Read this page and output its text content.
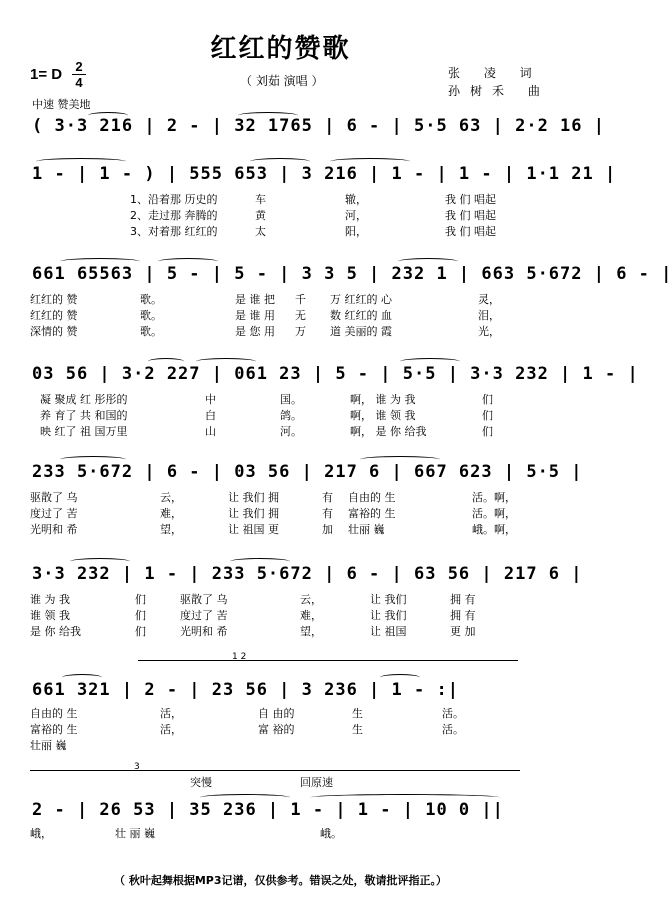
红红的赞歌
1= D 2
4	（ 刘茹 演唱 ）
张 凌 词
孙树禾 曲
中速 赞美地
( 3·3 216 | 2 - | 32 1765 | 6 - | 5·5 63 | 2·2 16 |
1 - | 1 - ) | 555 653 | 3 216 | 1 - | 1 - | 1·1 21 |
1、沿着那 历史的	车	辙，	我 们 唱起
2、走过那 奔腾的	黄	河，	我 们 唱起
3、对着那 红红的	太	阳，	我 们 唱起
661 65563 | 5 - | 5 - | 3 3 5 | 232 1 | 663 5·672 | 6 - |
红红的 赞	歌。	是 谁 把 千 万 红红的 心	灵，
红红的 赞	歌。	是 谁 用 无 数 红红的 血	泪，
深情的 赞	歌。	是 您 用 万 道 美丽的 霞	光，
03 56 | 3·2 227 | 061 23 | 5 - | 5·5 | 3·3 232 | 1 - |
凝 聚成 红 彤彤的	中	国。	啊， 谁 为 我	们
养 育了 共 和国的	白	鸽。	啊， 谁 领 我	们
映 红了 祖 国万里	山	河。	啊， 是 你 给我	们
233 5·672 | 6 - | 03 56 | 217 6 | 667 623 | 5·5 |
驱散了 乌	云，	让 我们 拥	有 自由的 生	活。啊，
度过了 苦	难，	让 我们 拥	有 富裕的 生	活。啊，
光明和 希	望，	让 祖国 更	加 壮丽 巍	峨。啊，
3·3 232 | 1 - | 233 5·672 | 6 - | 63 56 | 217 6 |
谁 为 我	们	驱散了 乌	云，	让 我们	拥 有
谁 领 我	们	度过了 苦	难，	让 我们	拥 有
是 你 给我	们	光明和 希	望，	让 祖国	更 加
1 2
661 321 | 2 - | 23 56 | 3 236 | 1 - :|
自由的 生	活，	自 由的	生	活。
富裕的 生	活，	富 裕的	生	活。
壮丽 巍
3
突慢	回原速
2 - | 26 53 | 35 236 | 1 - | 1 - | 10 0 ||
峨，	壮 丽 巍	峨。
（ 秋叶起舞根据MP3记谱，仅供参考。错误之处，敬请批评指正。）
